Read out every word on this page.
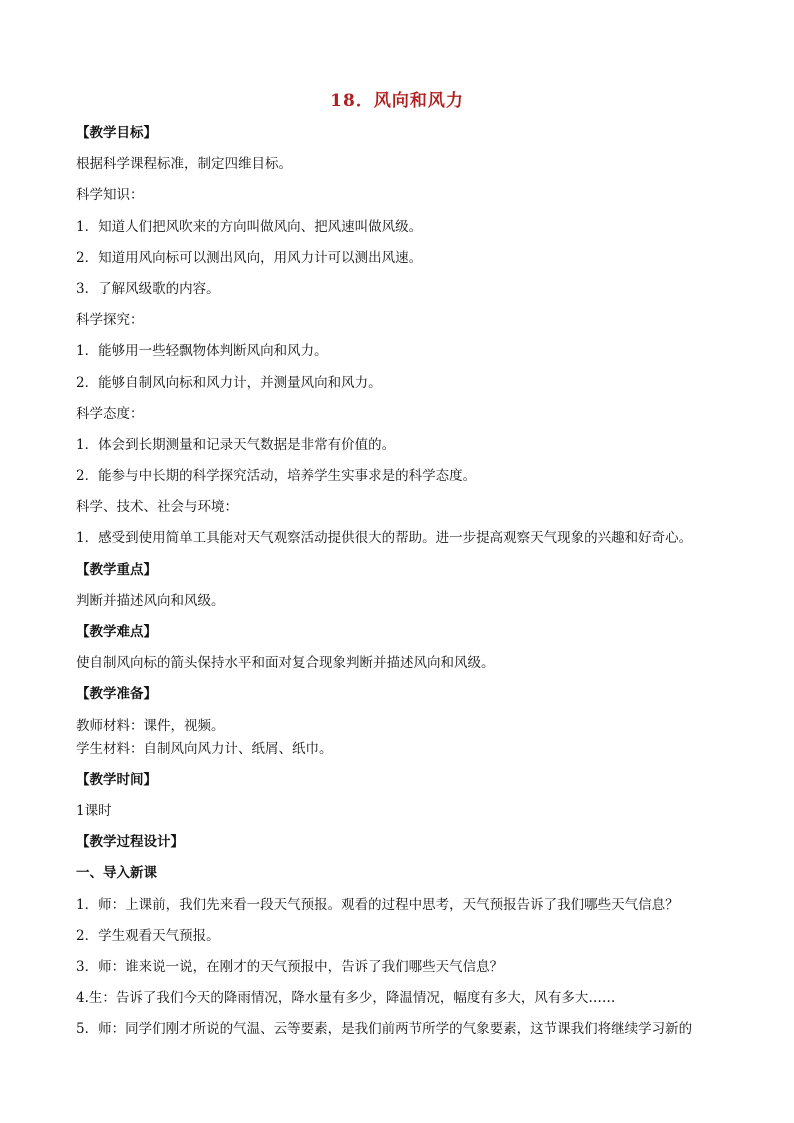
18．风向和风力
【教学目标】
根据科学课程标准，制定四维目标。
科学知识：
1．知道人们把风吹来的方向叫做风向、把风速叫做风级。
2．知道用风向标可以测出风向，用风力计可以测出风速。
3．了解风级歌的内容。
科学探究：
1．能够用一些轻飘物体判断风向和风力。
2．能够自制风向标和风力计，并测量风向和风力。
科学态度：
1．体会到长期测量和记录天气数据是非常有价值的。
2．能参与中长期的科学探究活动，培养学生实事求是的科学态度。
科学、技术、社会与环境：
1．感受到使用简单工具能对天气观察活动提供很大的帮助。进一步提高观察天气现象的兴趣和好奇心。
【教学重点】
判断并描述风向和风级。
【教学难点】
使自制风向标的箭头保持水平和面对复合现象判断并描述风向和风级。
【教学准备】
教师材料：课件，视频。
学生材料：自制风向风力计、纸屑、纸巾。
【教学时间】
1课时
【教学过程设计】
一、导入新课
1．师：上课前，我们先来看一段天气预报。观看的过程中思考，天气预报告诉了我们哪些天气信息？
2．学生观看天气预报。
3．师：谁来说一说，在刚才的天气预报中，告诉了我们哪些天气信息？
4.生：告诉了我们今天的降雨情况，降水量有多少，降温情况，幅度有多大，风有多大……
5．师：同学们刚才所说的气温、云等要素，是我们前两节所学的气象要素，这节课我们将继续学习新的
